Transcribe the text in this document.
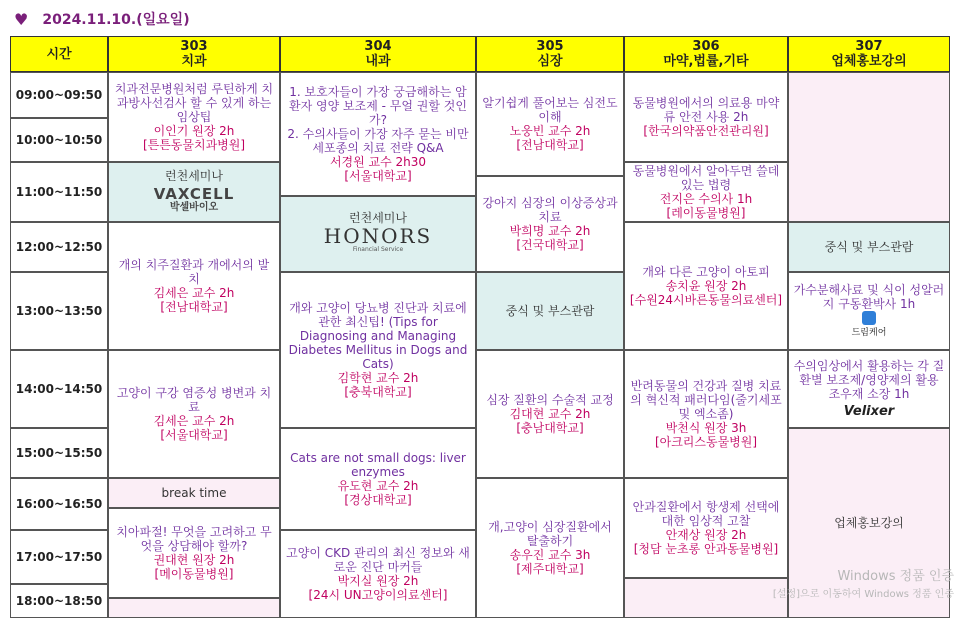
♥ 2024.11.10.(일요일)
시간	303
치과
304
내과
305
심장
306
마약,법률,기타
307
업체홍보강의
09:00~09:50
10:00~10:50
11:00~11:50
12:00~12:50
13:00~13:50
14:00~14:50
15:00~15:50
16:00~16:50
17:00~17:50
18:00~18:50
치과전문병원처럼 루틴하게 치과방사선검사 할 수 있게 하는 임상팁
이인기 원장 2h
[튼튼동물치과병원]
런천세미나
VAXCELL
박셀바이오
개의 치주질환과 개에서의 발치
김세은 교수 2h
[전남대학교]
고양이 구강 염증성 병변과 치료
김세은 교수 2h
[서울대학교]
break time
치아파절! 무엇을 고려하고 무엇을 상담해야 할까?
권대현 원장 2h
[메이동물병원]
1. 보호자들이 가장 궁금해하는 암환자 영양 보조제 - 무얼 권할 것인가?
2. 수의사들이 가장 자주 묻는 비만세포종의 치료 전략 Q&A
서경원 교수 2h30
[서울대학교]
런천세미나
HONORS
Financial Service
개와 고양이 당뇨병 진단과 치료에 관한 최신팁! (Tips for Diagnosing and Managing Diabetes Mellitus in Dogs and Cats)
김학현 교수 2h
[충북대학교]
Cats are not small dogs: liver enzymes
유도현 교수 2h
[경상대학교]
고양이 CKD 관리의 최신 정보와 새로운 진단 마커들
박지실 원장 2h
[24시 UN고양이의료센터]
알기쉽게 풀어보는 심전도이해
노웅빈 교수 2h
[전남대학교]
강아지 심장의 이상증상과 치료
박희명 교수 2h
[건국대학교]
중식 및 부스관람
심장 질환의 수술적 교정
김대현 교수 2h
[충남대학교]
개,고양이 심장질환에서 탈출하기
송우진 교수 3h
[제주대학교]
동물병원에서의 의료용 마약류 안전 사용 2h
[한국의약품안전관리원]
동물병원에서 알아두면 쓸데 있는 법령
전지은 수의사 1h
[레이동물병원]
개와 다른 고양이 아토피
송치윤 원장 2h
[수원24시바른동물의료센터]
반려동물의 건강과 질병 치료의 혁신적 패러다임(줄기세포 및 엑소좀)
박천식 원장 3h
[아크리스동물병원]
안과질환에서 항생제 선택에 대한 임상적 고찰
안재상 원장 2h
[청담 눈초롱 안과동물병원]
중식 및 부스관람
가수분해사료 및 식이 성알러지 구동환박사 1h
드림케어
수의임상에서 활용하는 각 질환별 보조제/영양제의 활용 조우재 소장 1h
Velixer
업체홍보강의
Windows 정품 인증
[설정]으로 이동하여 Windows 정품 인증
